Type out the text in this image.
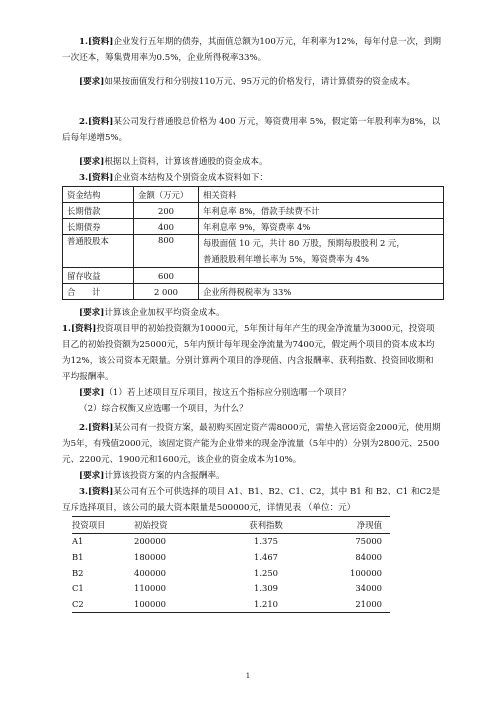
1.[资料]企业发行五年期的债券，其面值总额为100万元，年利率为12%，每年付息一次，到期一次还本，筹集费用率为0.5%，企业所得税率33%。

[要求]如果按面值发行和分别按110万元、95万元的价格发行，请计算债券的资金成本。

2.[资料]某公司发行普通股总价格为 400 万元，筹资费用率 5%，假定第一年股利率为8%，以后每年递增5%。

[要求]根据以上资料，计算该普通股的资金成本。

3.[资料]企业资本结构及个别资金成本资料如下：

资金结构	金额（万元）	相关资料
长期借款	200	年利息率 8%，借款手续费不计
长期债券	400	年利息率 9%，筹资费率 4%
普通股股本	800	每股面值 10 元，共计 80 万股，预期每股股利 2 元，
普通股股利年增长率为 5%，筹资费率为 4%

留存收益	600	
合　　计	2 000	企业所得税税率为 33%

[要求]计算该企业加权平均资金成本。

1.[资料]投资项目甲的初始投资额为10000元，5年预计每年产生的现金净流量为3000元，投资项目乙的初始投资额为25000元，5年内预计每年现金净流量为7400元，假定两个项目的资本成本均为12%，该公司资本无限量。分别计算两个项目的净现值、内含报酬率、获利指数、投资回收期和平均报酬率。

[要求]（1）若上述项目互斥项目，按这五个指标应分别选哪一个项目？

（2）综合权衡又应选哪一个项目，为什么？

2.[资料]某公司有一投资方案，最初购买固定资产需8000元，需垫入营运资金2000元，使用期为5年，有残值2000元，该固定资产能为企业带来的现金净流量（5年中的）分别为2800元、2500元、2200元、1900元和1600元，该企业的资金成本为10%。

[要求]计算该投资方案的内含报酬率。

3.[资料]某公司有五个可供选择的项目 A1、B1、B2、C1、C2，其中 B1 和 B2、C1 和C2是互斥选择项目，该公司的最大资本限量是500000元，详情见表 （单位：元）

投资项目	初始投资	获利指数	净现值
A1	200000	1.375	75000
B1	180000	1.467	84000
B2	400000	1.250	100000
C1	110000	1.309	34000
C2	100000	1.210	21000
1
